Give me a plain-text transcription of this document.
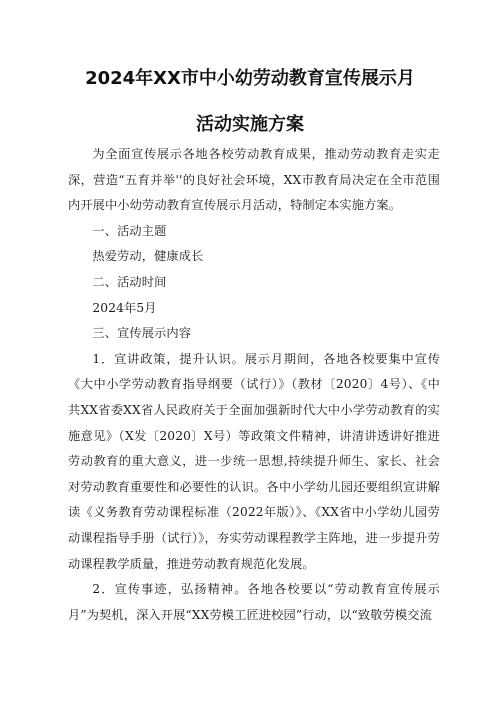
2024年XX市中小幼劳动教育宣传展示月
活动实施方案

为全面宣传展示各地各校劳动教育成果，推动劳动教育走实走深，营造“五育并举''的良好社会环境，XX市教育局决定在全市范围内开展中小幼劳动教育宣传展示月活动，特制定本实施方案。

一、活动主题

热爱劳动，健康成长

二、活动时间

2024年5月

三、宣传展示内容

1．宣讲政策，提升认识。展示月期间，各地各校要集中宣传《大中小学劳动教育指导纲要（试行）》（教材〔2020〕4号）、《中共XX省委XX省人民政府关于全面加强新时代大中小学劳动教育的实施意见》（X发〔2020〕X号）等政策文件精神，讲清讲透讲好推进劳动教育的重大意义，进一步统一思想,持续提升师生、家长、社会对劳动教育重要性和必要性的认识。各中小学幼儿园还要组织宣讲解读《义务教育劳动课程标准（2022年版）》、《XX省中小学幼儿园劳动课程指导手册（试行）》，夯实劳动课程教学主阵地，进一步提升劳动课程教学质量，推进劳动教育规范化发展。

2．宣传事迹，弘扬精神。各地各校要以“劳动教育宣传展示月”为契机，深入开展“XX劳模工匠进校园”行动，以“致敬劳模交流
